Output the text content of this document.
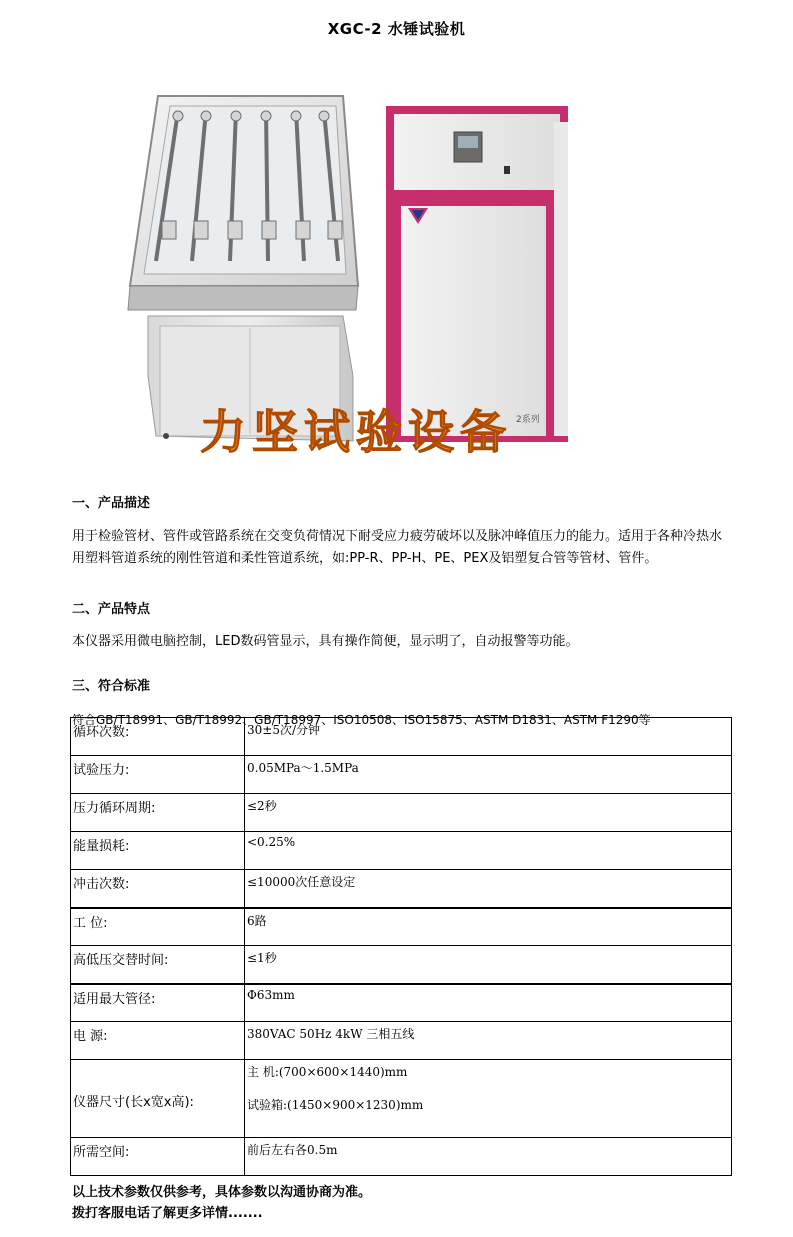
XGC-2 水锤试验机
2系列
力坚试验设备
一、产品描述
用于检验管材、管件或管路系统在交变负荷情况下耐受应力疲劳破坏以及脉冲峰值压力的能力。适用于各种冷热水用塑料管道系统的刚性管道和柔性管道系统，如:PP-R、PP-H、PE、PEX及铝塑复合管等管材、管件。
二、产品特点
本仪器采用微电脑控制，LED数码管显示，具有操作简便，显示明了，自动报警等功能。
三、符合标准
符合GB/T18991、GB/T18992、GB/T18997、ISO10508、ISO15875、ASTM D1831、ASTM F1290等
循环次数:	30±5次/分钟
试验压力:	0.05MPa～1.5MPa
压力循环周期:	≤2秒
能量损耗:	<0.25%
冲击次数:	≤10000次任意设定
工 位:	6路
高低压交替时间:	≤1秒
适用最大管径:	Φ63mm
电 源:	380VAC 50Hz 4kW 三相五线
仪器尺寸(长x宽x高):	主 机:(700×600×1440)mm
试验箱:(1450×900×1230)mm

所需空间:	前后左右各0.5m
以上技术参数仅供参考，具体参数以沟通协商为准。
拨打客服电话了解更多详情.......
